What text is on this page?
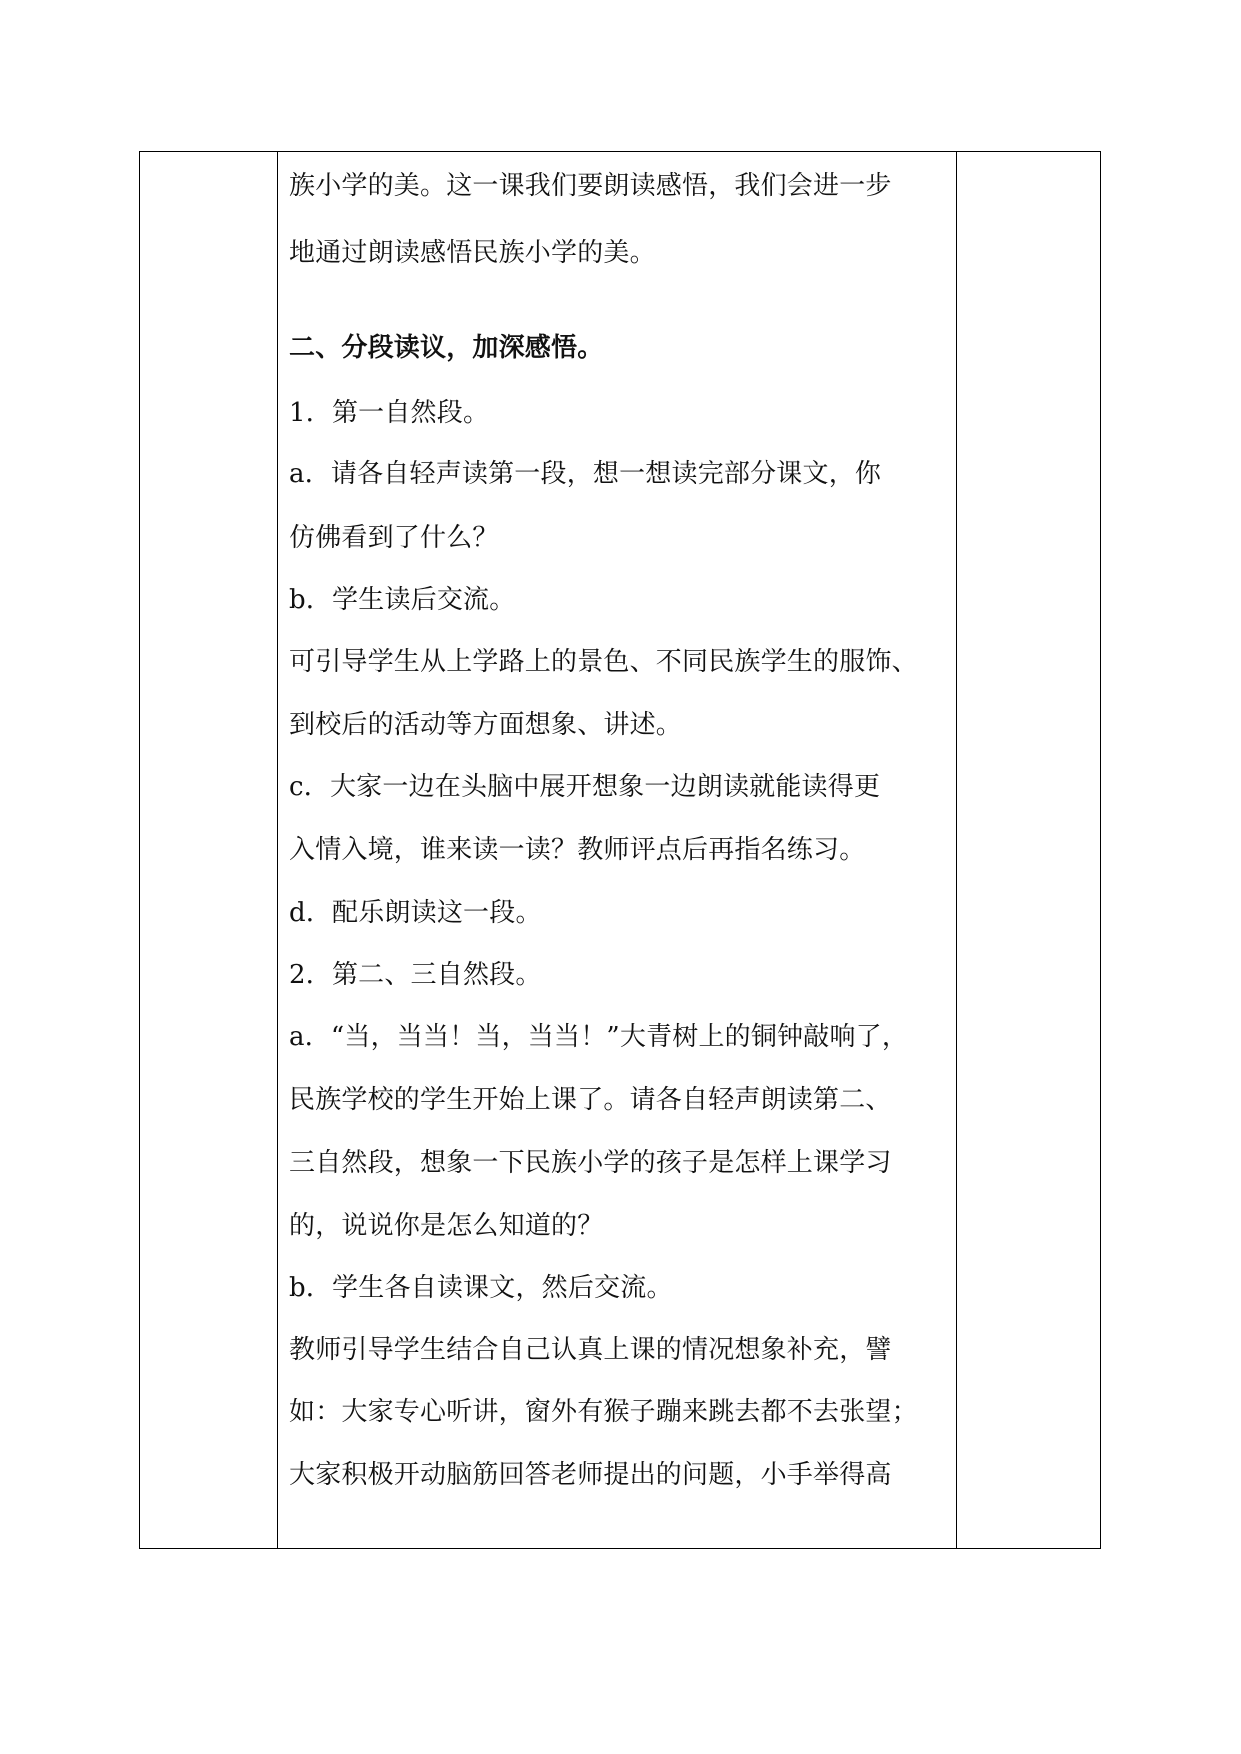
族小学的美。这一课我们要朗读感悟，我们会进一步
地通过朗读感悟民族小学的美。
二、分段读议，加深感悟。
1．第一自然段。
a．请各自轻声读第一段，想一想读完部分课文，你
仿佛看到了什么？
b．学生读后交流。
可引导学生从上学路上的景色、不同民族学生的服饰、
到校后的活动等方面想象、讲述。
c．大家一边在头脑中展开想象一边朗读就能读得更
入情入境，谁来读一读？教师评点后再指名练习。
d．配乐朗读这一段。
2．第二、三自然段。
a．“当，当当！当，当当！”大青树上的铜钟敲响了，
民族学校的学生开始上课了。请各自轻声朗读第二、
三自然段，想象一下民族小学的孩子是怎样上课学习
的，说说你是怎么知道的？
b．学生各自读课文，然后交流。
教师引导学生结合自己认真上课的情况想象补充，譬
如：大家专心听讲，窗外有猴子蹦来跳去都不去张望；
大家积极开动脑筋回答老师提出的问题，小手举得高
